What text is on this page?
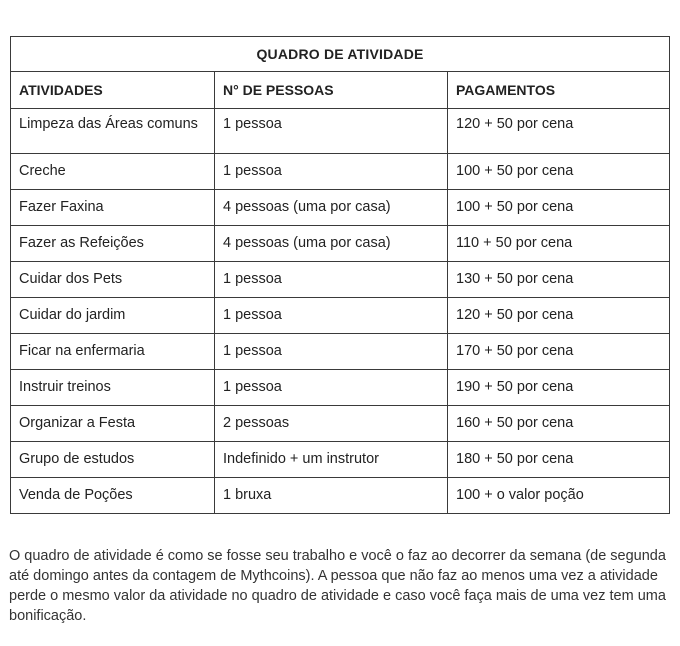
QUADRO DE ATIVIDADE		
ATIVIDADES	N° DE PESSOAS	PAGAMENTOS
Limpeza das Áreas comuns	1 pessoa	120 + 50 por cena
Creche	1 pessoa	100 + 50 por cena
Fazer Faxina	4 pessoas (uma por casa)	100 + 50 por cena
Fazer as Refeições	4 pessoas (uma por casa)	110 + 50 por cena
Cuidar dos Pets	1 pessoa	130 + 50 por cena
Cuidar do jardim	1 pessoa	120 + 50 por cena
Ficar na enfermaria	1 pessoa	170 + 50 por cena
Instruir treinos	1 pessoa	190 + 50 por cena
Organizar a Festa	2 pessoas	160 + 50 por cena
Grupo de estudos	Indefinido + um instrutor	180 + 50 por cena
Venda de Poções	1 bruxa	100 + o valor poção

O quadro de atividade é como se fosse seu trabalho e você o faz ao decorrer da semana (de segunda até domingo antes da contagem de Mythcoins). A pessoa que não faz ao menos uma vez a atividade perde o mesmo valor da atividade no quadro de atividade e caso você faça mais de uma vez tem uma bonificação.
